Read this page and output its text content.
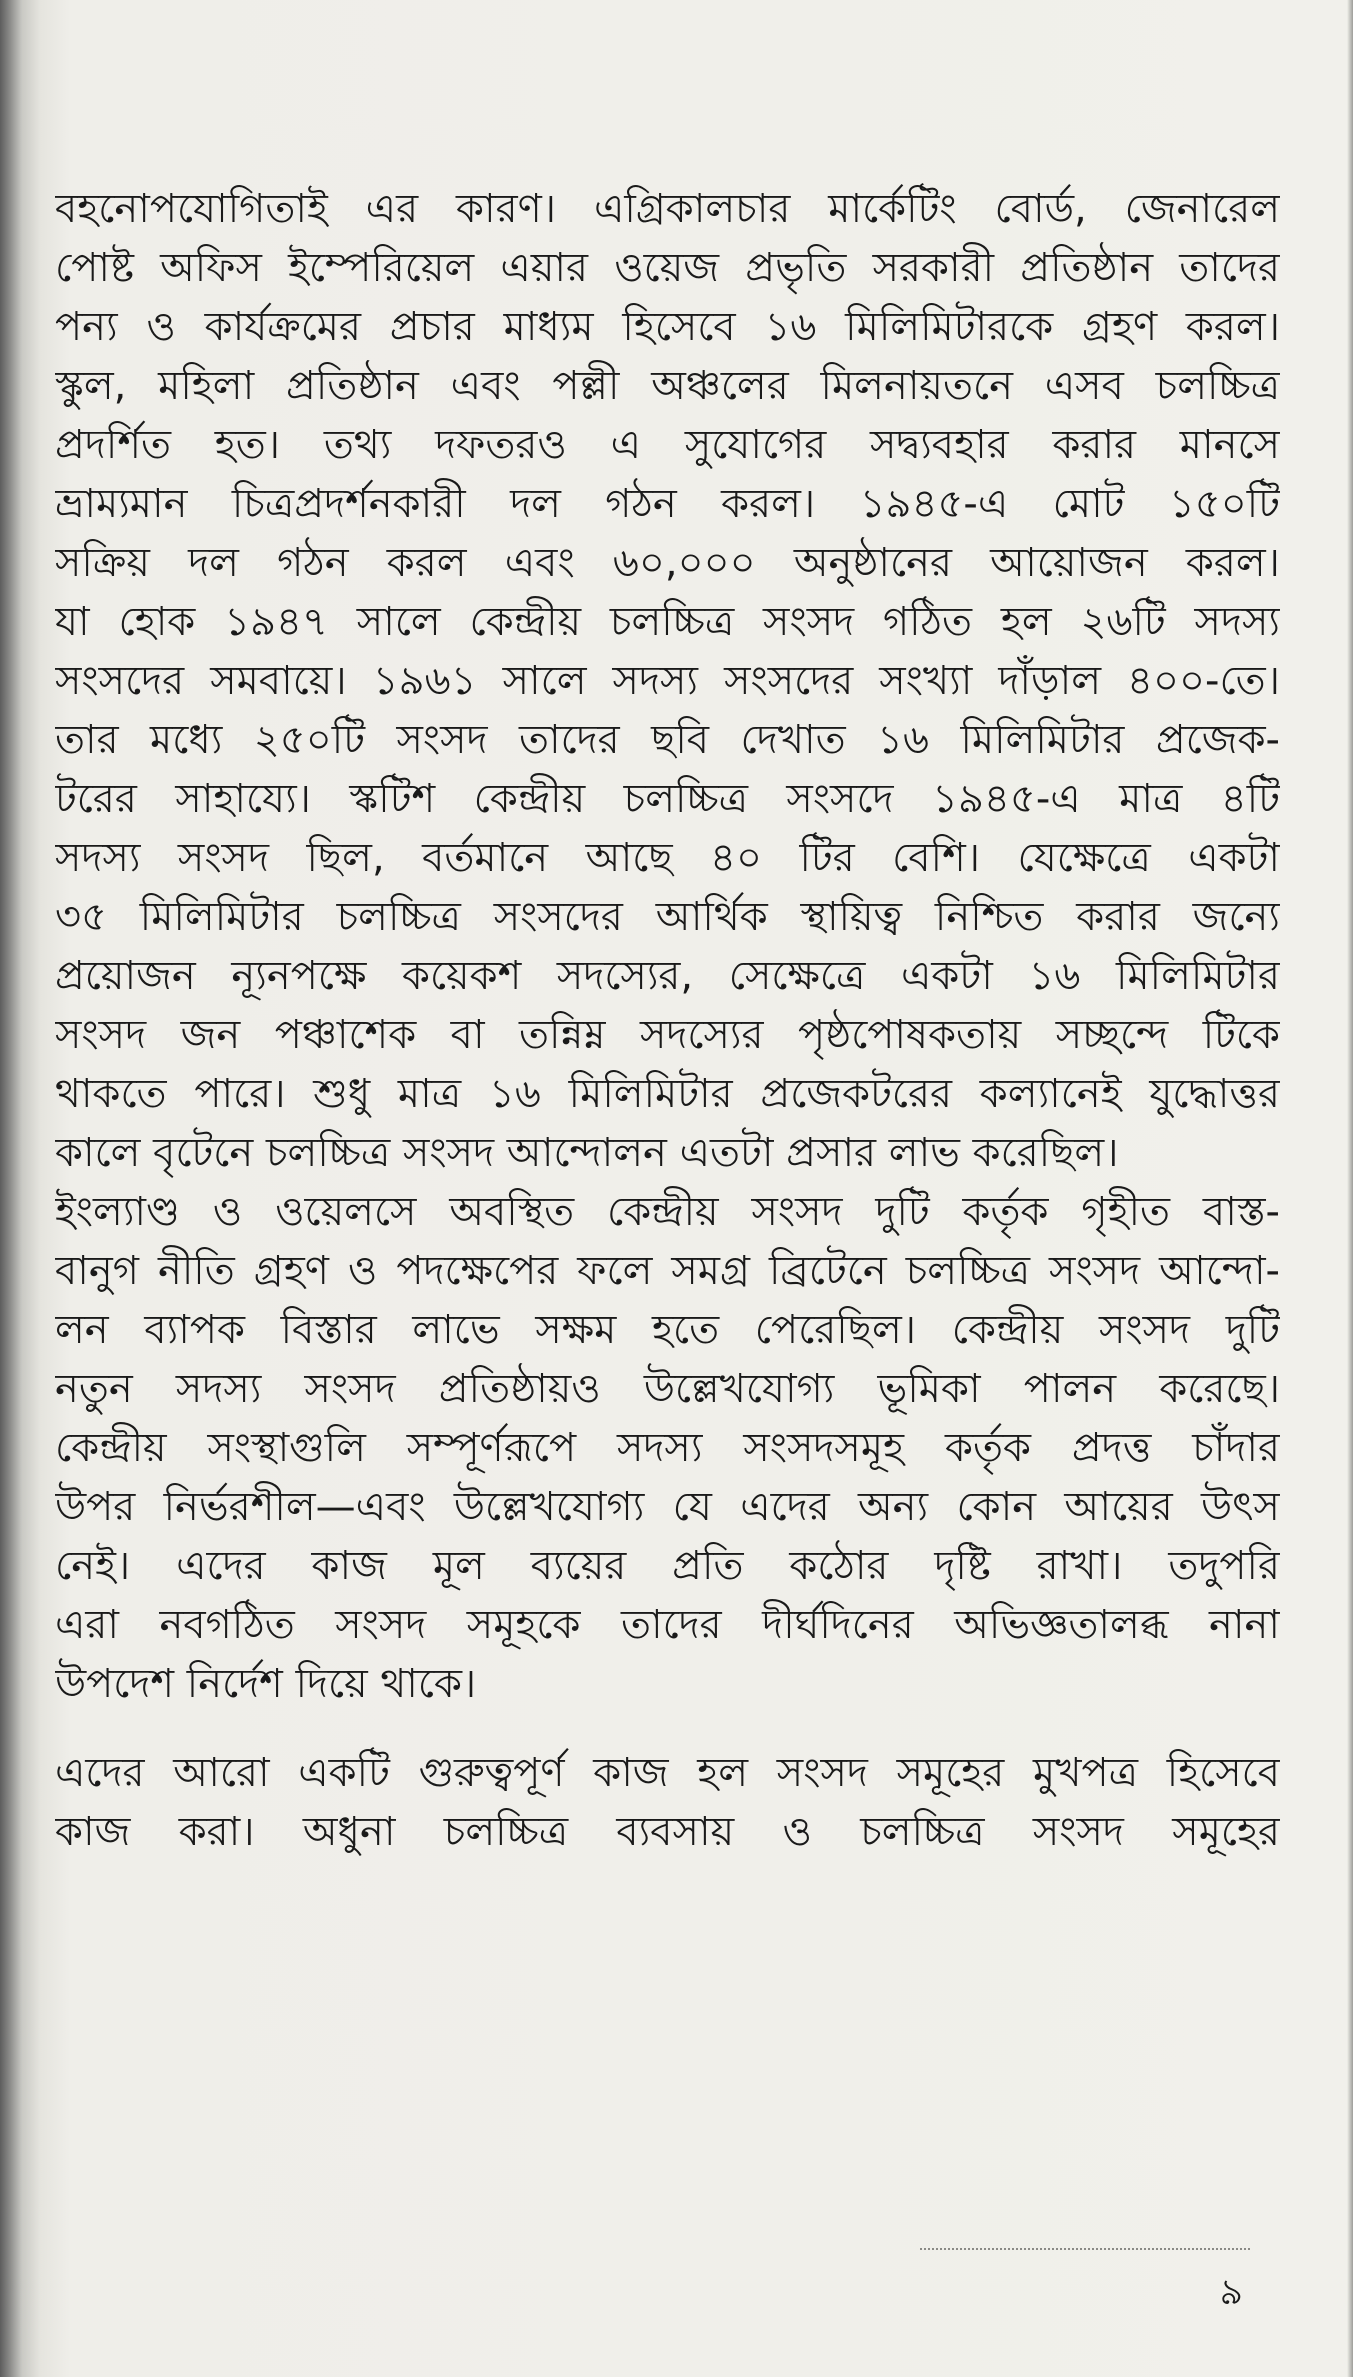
বহনোপযোগিতাই এর কারণ। এগ্রিকালচার মার্কেটিং বোর্ড, জেনারেল
পোষ্ট অফিস ইম্পেরিয়েল এয়ার ওয়েজ প্রভৃতি সরকারী প্রতিষ্ঠান তাদের
পন্য ও কার্যক্রমের প্রচার মাধ্যম হিসেবে ১৬ মিলিমিটারকে গ্রহণ করল।
স্কুল, মহিলা প্রতিষ্ঠান এবং পল্লী অঞ্চলের মিলনায়তনে এসব চলচ্চিত্র
প্রদর্শিত হত। তথ্য দফতরও এ সুযোগের সদ্ব্যবহার করার মানসে
ভ্রাম্যমান চিত্রপ্রদর্শনকারী দল গঠন করল। ১৯৪৫-এ মোট ১৫০টি
সক্রিয় দল গঠন করল এবং ৬০,০০০ অনুষ্ঠানের আয়োজন করল।
যা হোক ১৯৪৭ সালে কেন্দ্রীয় চলচ্চিত্র সংসদ গঠিত হল ২৬টি সদস্য
সংসদের সমবায়ে। ১৯৬১ সালে সদস্য সংসদের সংখ্যা দাঁড়াল ৪০০-তে।
তার মধ্যে ২৫০টি সংসদ তাদের ছবি দেখাত ১৬ মিলিমিটার প্রজেক-
টরের সাহায্যে। স্কটিশ কেন্দ্রীয় চলচ্চিত্র সংসদে ১৯৪৫-এ মাত্র ৪টি
সদস্য সংসদ ছিল, বর্তমানে আছে ৪০ টির বেশি। যেক্ষেত্রে একটা
৩৫ মিলিমিটার চলচ্চিত্র সংসদের আর্থিক স্থায়িত্ব নিশ্চিত করার জন্যে
প্রয়োজন ন্যূনপক্ষে কয়েকশ সদস্যের, সেক্ষেত্রে একটা ১৬ মিলিমিটার
সংসদ জন পঞ্চাশেক বা তন্নিম্ন সদস্যের পৃষ্ঠপোষকতায় সচ্ছন্দে টিকে
থাকতে পারে। শুধু মাত্র ১৬ মিলিমিটার প্রজেকটরের কল্যানেই যুদ্ধোত্তর
কালে বৃটেনে চলচ্চিত্র সংসদ আন্দোলন এতটা প্রসার লাভ করেছিল।
ইংল্যাণ্ড ও ওয়েলসে অবস্থিত কেন্দ্রীয় সংসদ দুটি কর্তৃক গৃহীত বাস্ত-
বানুগ নীতি গ্রহণ ও পদক্ষেপের ফলে সমগ্র ব্রিটেনে চলচ্চিত্র সংসদ আন্দো-
লন ব্যাপক বিস্তার লাভে সক্ষম হতে পেরেছিল। কেন্দ্রীয় সংসদ দুটি
নতুন সদস্য সংসদ প্রতিষ্ঠায়ও উল্লেখযোগ্য ভূমিকা পালন করেছে।
কেন্দ্রীয় সংস্থাগুলি সম্পূর্ণরূপে সদস্য সংসদসমূহ কর্তৃক প্রদত্ত চাঁদার
উপর নির্ভরশীল—এবং উল্লেখযোগ্য যে এদের অন্য কোন আয়ের উৎস
নেই। এদের কাজ মূল ব্যয়ের প্রতি কঠোর দৃষ্টি রাখা। তদুপরি
এরা নবগঠিত সংসদ সমূহকে তাদের দীর্ঘদিনের অভিজ্ঞতালব্ধ নানা
উপদেশ নির্দেশ দিয়ে থাকে।
এদের আরো একটি গুরুত্বপূর্ণ কাজ হল সংসদ সমূহের মুখপত্র হিসেবে
কাজ করা। অধুনা চলচ্চিত্র ব্যবসায় ও চলচ্চিত্র সংসদ সমূহের
৯
